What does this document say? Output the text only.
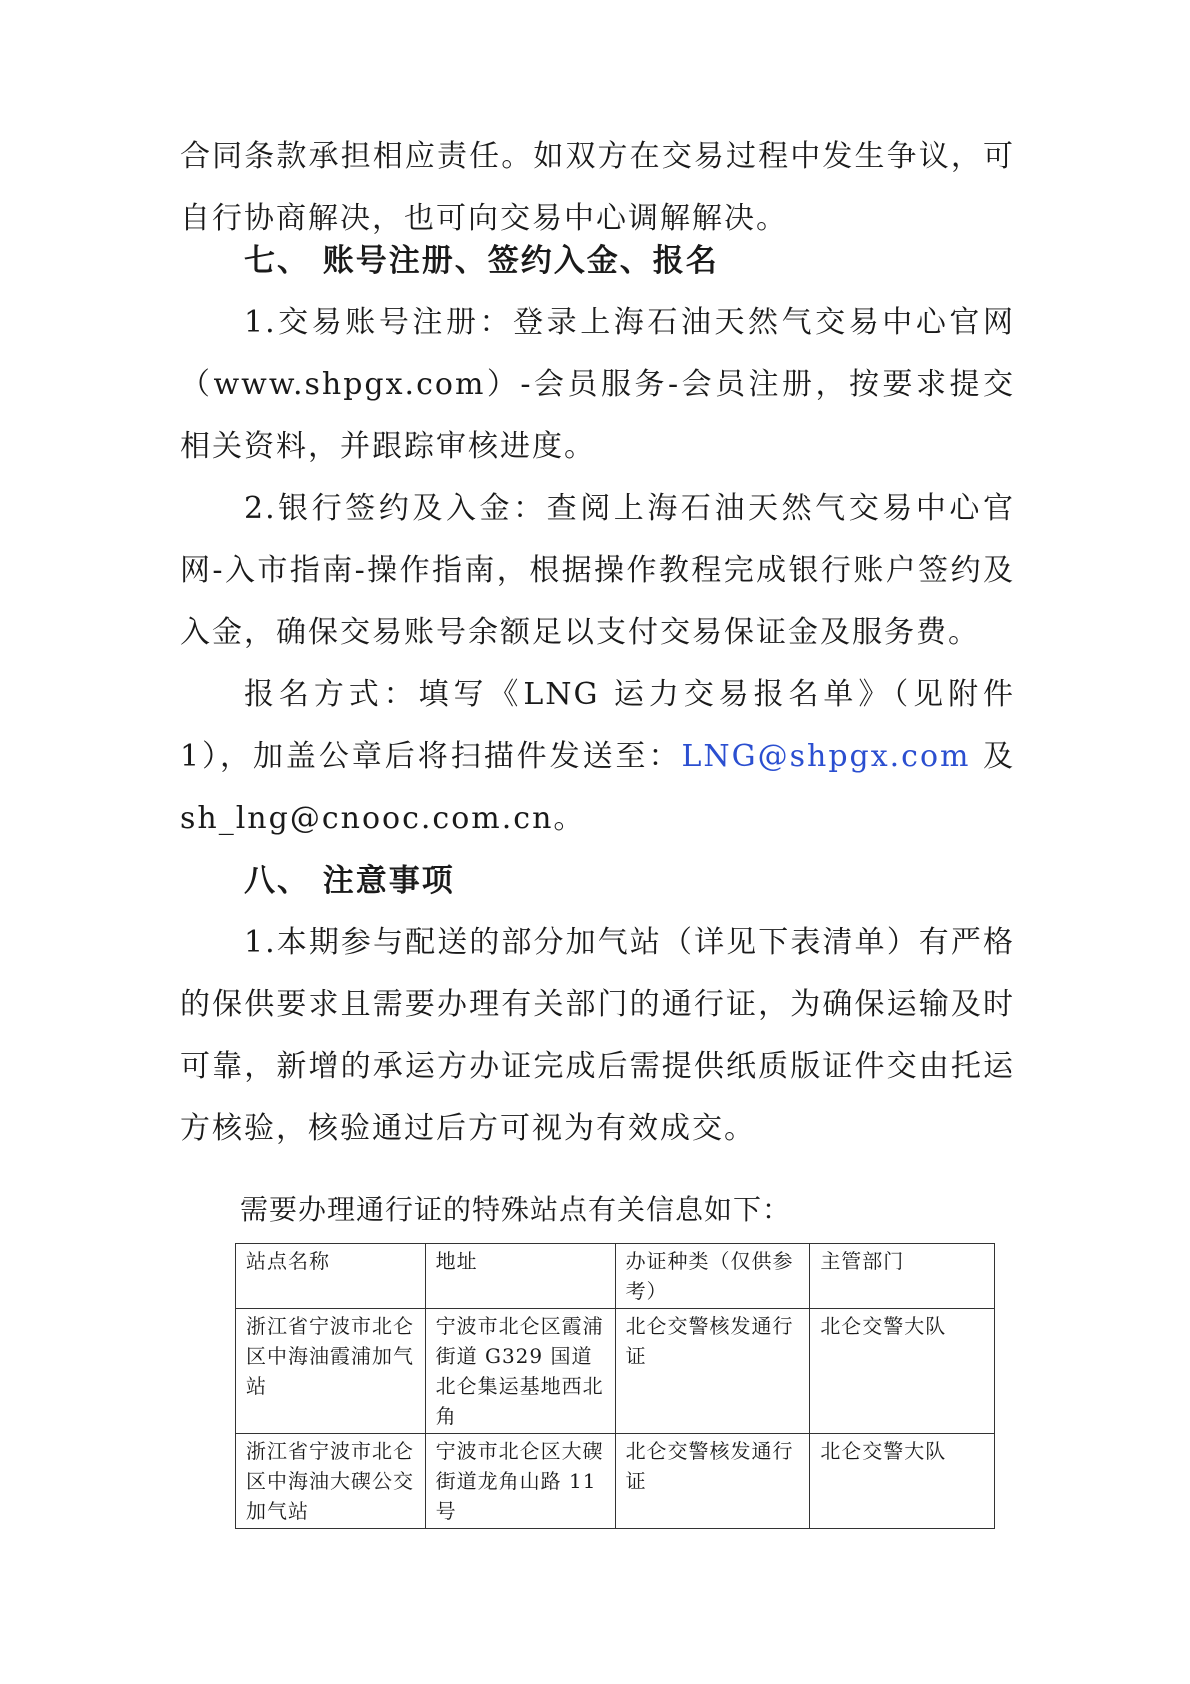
合同条款承担相应责任。如双方在交易过程中发生争议，可自行协商解决，也可向交易中心调解解决。

七、 账号注册、签约入金、报名

1.交易账号注册：登录上海石油天然气交易中心官网（www.shpgx.com）-会员服务-会员注册，按要求提交相关资料，并跟踪审核进度。

2.银行签约及入金：查阅上海石油天然气交易中心官网-入市指南-操作指南，根据操作教程完成银行账户签约及入金，确保交易账号余额足以支付交易保证金及服务费。

报名方式：填写《LNG 运力交易报名单》（见附件 1），加盖公章后将扫描件发送至：LNG@shpgx.com 及 sh_lng@cnooc.com.cn。

八、 注意事项

1.本期参与配送的部分加气站（详见下表清单）有严格的保供要求且需要办理有关部门的通行证，为确保运输及时可靠，新增的承运方办证完成后需提供纸质版证件交由托运方核验，核验通过后方可视为有效成交。

需要办理通行证的特殊站点有关信息如下：

站点名称	地址	办证种类（仅供参考）	主管部门
浙江省宁波市北仑区中海油霞浦加气站	宁波市北仑区霞浦街道 G329 国道北仑集运基地西北角	北仑交警核发通行证	北仑交警大队
浙江省宁波市北仑区中海油大碶公交加气站	宁波市北仑区大碶街道龙角山路 11 号	北仑交警核发通行证	北仑交警大队
